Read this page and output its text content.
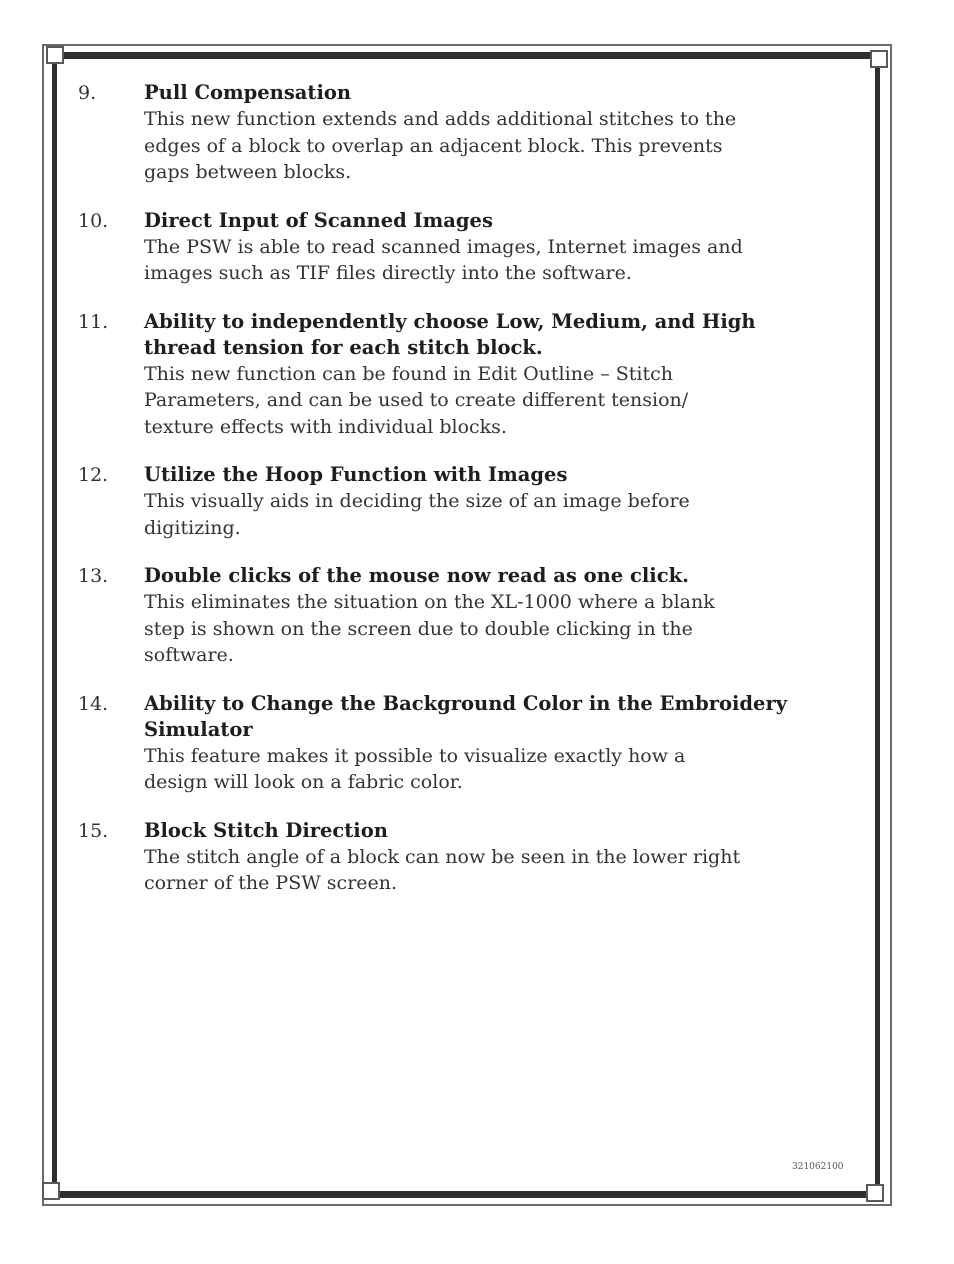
9.	Pull Compensation

This new function extends and adds additional stitches to the

edges of a block to overlap an adjacent block. This prevents

gaps between blocks.

10.	Direct Input of Scanned Images

The PSW is able to read scanned images, Internet images and

images such as TIF files directly into the software.

11.	Ability to independently choose Low, Medium, and High

thread tension for each stitch block.

This new function can be found in Edit Outline – Stitch

Parameters, and can be used to create different tension/

texture effects with individual blocks.

12.	Utilize the Hoop Function with Images

This visually aids in deciding the size of an image before

digitizing.

13.	Double clicks of the mouse now read as one click.

This eliminates the situation on the XL-1000 where a blank

step is shown on the screen due to double clicking in the

software.

14.	Ability to Change the Background Color in the Embroidery

Simulator

This feature makes it possible to visualize exactly how a

design will look on a fabric color.

15.	Block Stitch Direction

The stitch angle of a block can now be seen in the lower right

corner of the PSW screen.

321062100
